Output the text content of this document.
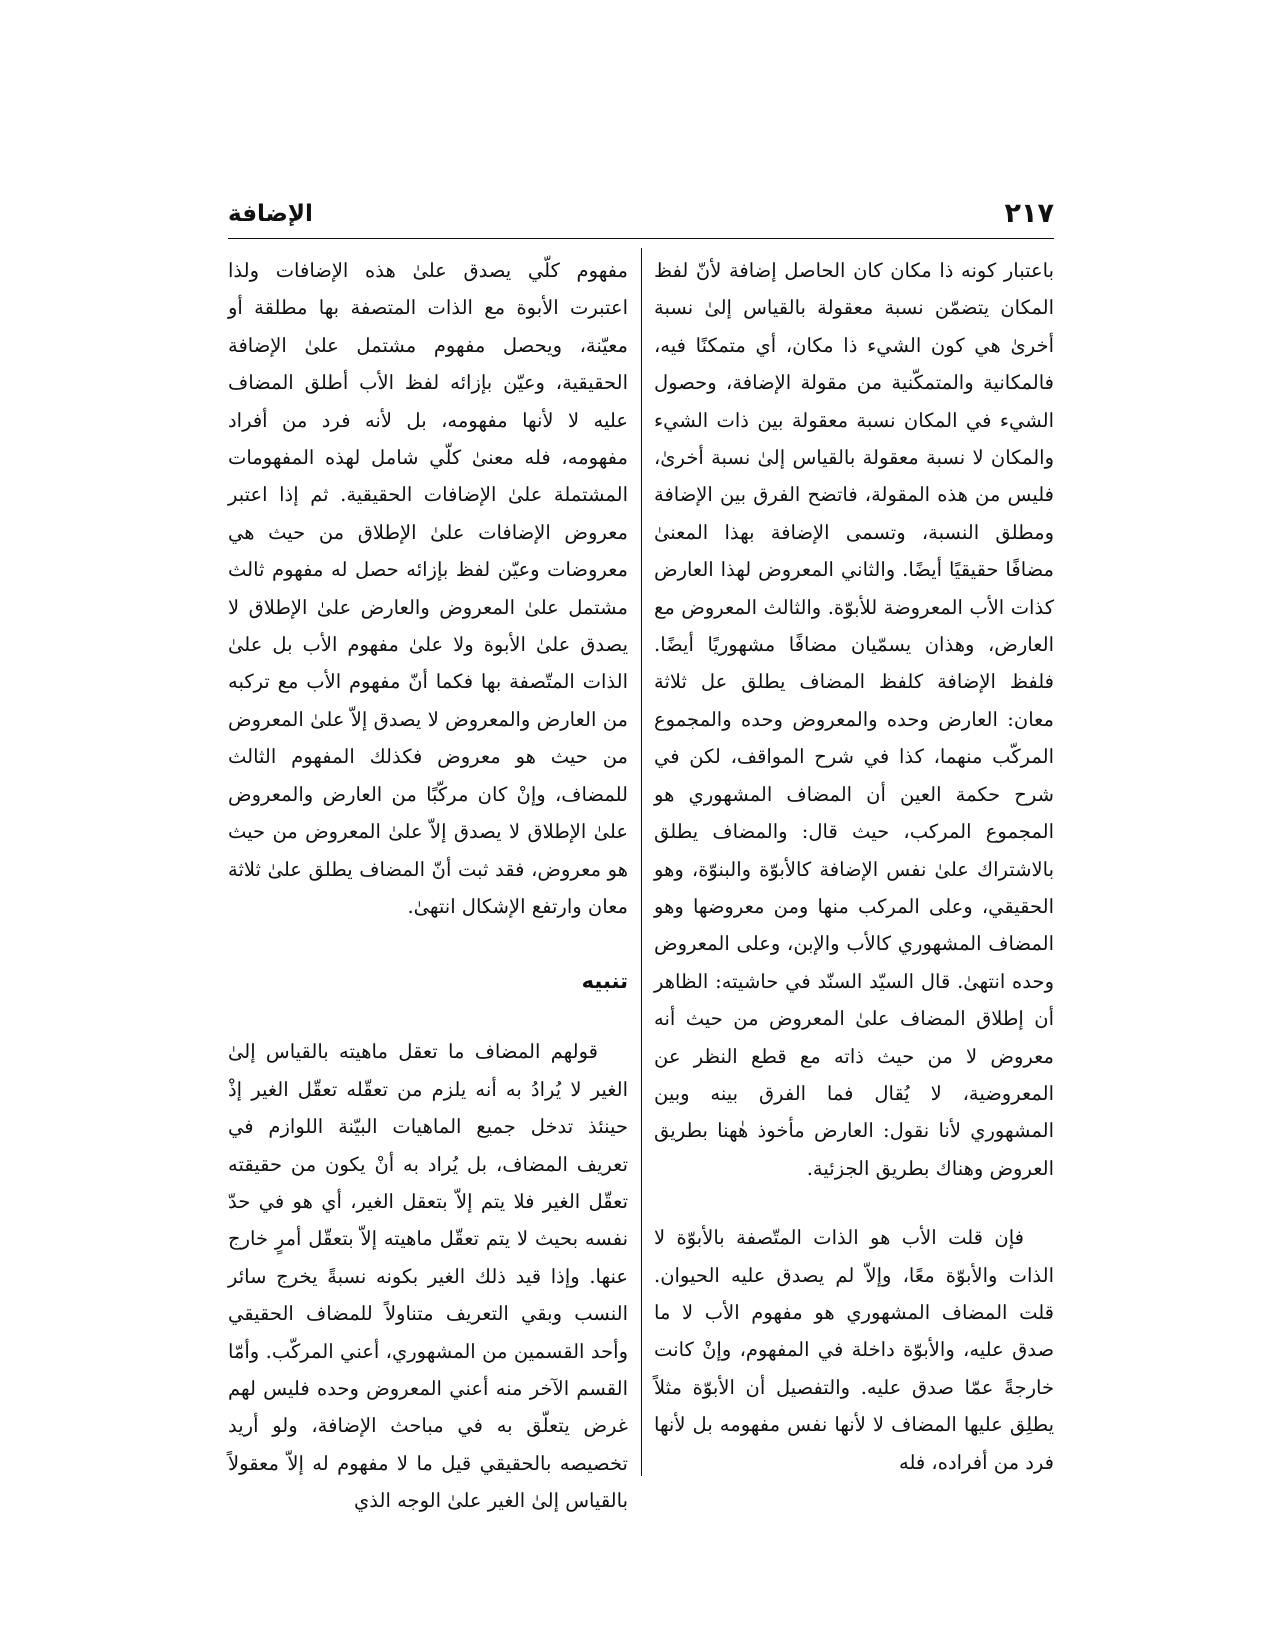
٢١٧
الإضافة

باعتبار كونه ذا مكان كان الحاصل إضافة لأنّ لفظ المكان يتضمّن نسبة معقولة بالقياس إلىٰ نسبة أخرىٰ هي كون الشيء ذا مكان، أي متمكنًا فيه، فالمكانية والمتمكّنية من مقولة الإضافة، وحصول الشيء في المكان نسبة معقولة بين ذات الشيء والمكان لا نسبة معقولة بالقياس إلىٰ نسبة أخرىٰ، فليس من هذه المقولة، فاتضح الفرق بين الإضافة ومطلق النسبة، وتسمى الإضافة بهذا المعنىٰ مضافًا حقيقيًا أيضًا. والثاني المعروض لهذا العارض كذات الأب المعروضة للأبوّة. والثالث المعروض مع العارض، وهذان يسمّيان مضافًا مشهوريًا أيضًا. فلفظ الإضافة كلفظ المضاف يطلق عل ثلاثة معان: العارض وحده والمعروض وحده والمجموع المركّب منهما، كذا في شرح المواقف، لكن في شرح حكمة العين أن المضاف المشهوري هو المجموع المركب، حيث قال: والمضاف يطلق بالاشتراك علىٰ نفس الإضافة كالأبوّة والبنوّة، وهو الحقيقي، وعلى المركب منها ومن معروضها وهو المضاف المشهوري كالأب والإبن، وعلى المعروض وحده انتهىٰ. قال السيّد السنّد في حاشيته: الظاهر أن إطلاق المضاف علىٰ المعروض من حيث أنه معروض لا من حيث ذاته مع قطع النظر عن المعروضية، لا يُقال فما الفرق بينه وبين المشهوري لأنا نقول: العارض مأخوذ هٰهنا بطريق العروض وهناك بطريق الجزئية.

فإن قلت الأب هو الذات المتّصفة بالأبوّة لا الذات والأبوّة معًا، وإلاّ لم يصدق عليه الحيوان. قلت المضاف المشهوري هو مفهوم الأب لا ما صدق عليه، والأبوّة داخلة في المفهوم، وإنْ كانت خارجةً عمّا صدق عليه. والتفصيل أن الأبوّة مثلاً يطلِق عليها المضاف لا لأنها نفس مفهومه بل لأنها فرد من أفراده، فله

مفهوم كلّي يصدق علىٰ هذه الإضافات ولذا اعتبرت الأبوة مع الذات المتصفة بها مطلقة أو معيّنة، ويحصل مفهوم مشتمل علىٰ الإضافة الحقيقية، وعيّن بإزائه لفظ الأب أطلق المضاف عليه لا لأنها مفهومه، بل لأنه فرد من أفراد مفهومه، فله معنىٰ كلّي شامل لهذه المفهومات المشتملة علىٰ الإضافات الحقيقية. ثم إذا اعتبر معروض الإضافات علىٰ الإطلاق من حيث هي معروضات وعيّن لفظ بإزائه حصل له مفهوم ثالث مشتمل علىٰ المعروض والعارض علىٰ الإطلاق لا يصدق علىٰ الأبوة ولا علىٰ مفهوم الأب بل علىٰ الذات المتّصفة بها فكما أنّ مفهوم الأب مع تركبه من العارض والمعروض لا يصدق إلاّ علىٰ المعروض من حيث هو معروض فكذلك المفهوم الثالث للمضاف، وإنْ كان مركّبًا من العارض والمعروض علىٰ الإطلاق لا يصدق إلاّ علىٰ المعروض من حيث هو معروض، فقد ثبت أنّ المضاف يطلق علىٰ ثلاثة معان وارتفع الإشكال انتهىٰ.

تنبيه

قولهم المضاف ما تعقل ماهيته بالقياس إلىٰ الغير لا يُرادُ به أنه يلزم من تعقّله تعقّل الغير إذْ حينئذ تدخل جميع الماهيات البيّنة اللوازم في تعريف المضاف، بل يُراد به أنْ يكون من حقيقته تعقّل الغير فلا يتم إلاّ بتعقل الغير، أي هو في حدّ نفسه بحيث لا يتم تعقّل ماهيته إلاّ بتعقّل أمرٍ خارج عنها. وإذا قيد ذلك الغير بكونه نسبةً يخرج سائر النسب وبقي التعريف متناولاً للمضاف الحقيقي وأحد القسمين من المشهوري، أعني المركّب. وأمّا القسم الآخر منه أعني المعروض وحده فليس لهم غرض يتعلّق به في مباحث الإضافة، ولو أريد تخصيصه بالحقيقي قيل ما لا مفهوم له إلاّ معقولاً بالقياس إلىٰ الغير علىٰ الوجه الذي
